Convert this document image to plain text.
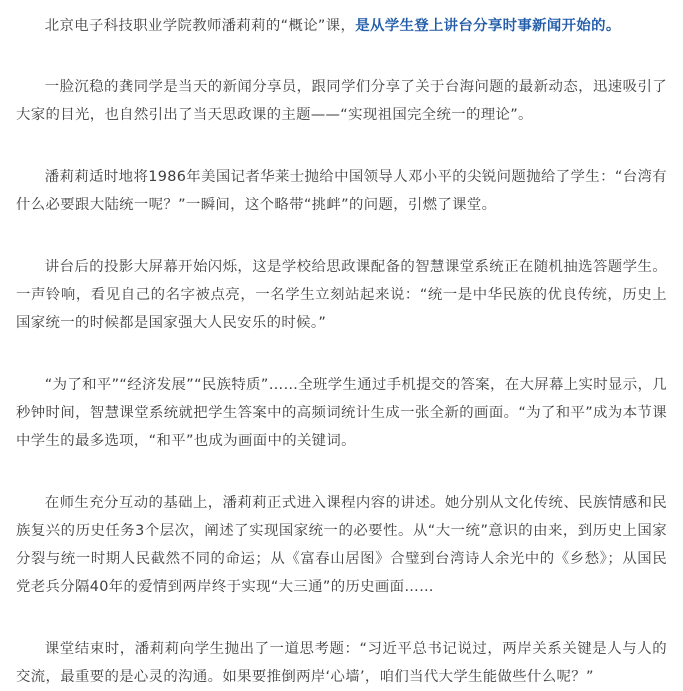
北京电子科技职业学院教师潘莉莉的“概论”课，是从学生登上讲台分享时事新闻开始的。

一脸沉稳的龚同学是当天的新闻分享员，跟同学们分享了关于台海问题的最新动态，迅速吸引了大家的目光，也自然引出了当天思政课的主题——“实现祖国完全统一的理论”。

潘莉莉适时地将1986年美国记者华莱士抛给中国领导人邓小平的尖锐问题抛给了学生：“台湾有什么必要跟大陆统一呢？”一瞬间，这个略带“挑衅”的问题，引燃了课堂。

讲台后的投影大屏幕开始闪烁，这是学校给思政课配备的智慧课堂系统正在随机抽选答题学生。一声铃响，看见自己的名字被点亮，一名学生立刻站起来说：“统一是中华民族的优良传统，历史上国家统一的时候都是国家强大人民安乐的时候。”

“为了和平”“经济发展”“民族特质”……全班学生通过手机提交的答案，在大屏幕上实时显示，几秒钟时间，智慧课堂系统就把学生答案中的高频词统计生成一张全新的画面。“为了和平”成为本节课中学生的最多选项，“和平”也成为画面中的关键词。

在师生充分互动的基础上，潘莉莉正式进入课程内容的讲述。她分别从文化传统、民族情感和民族复兴的历史任务3个层次，阐述了实现国家统一的必要性。从“大一统”意识的由来，到历史上国家分裂与统一时期人民截然不同的命运；从《富春山居图》合璧到台湾诗人余光中的《乡愁》；从国民党老兵分隔40年的爱情到两岸终于实现“大三通”的历史画面……

课堂结束时，潘莉莉向学生抛出了一道思考题：“习近平总书记说过，两岸关系关键是人与人的交流，最重要的是心灵的沟通。如果要推倒两岸‘心墙’，咱们当代大学生能做些什么呢？”
